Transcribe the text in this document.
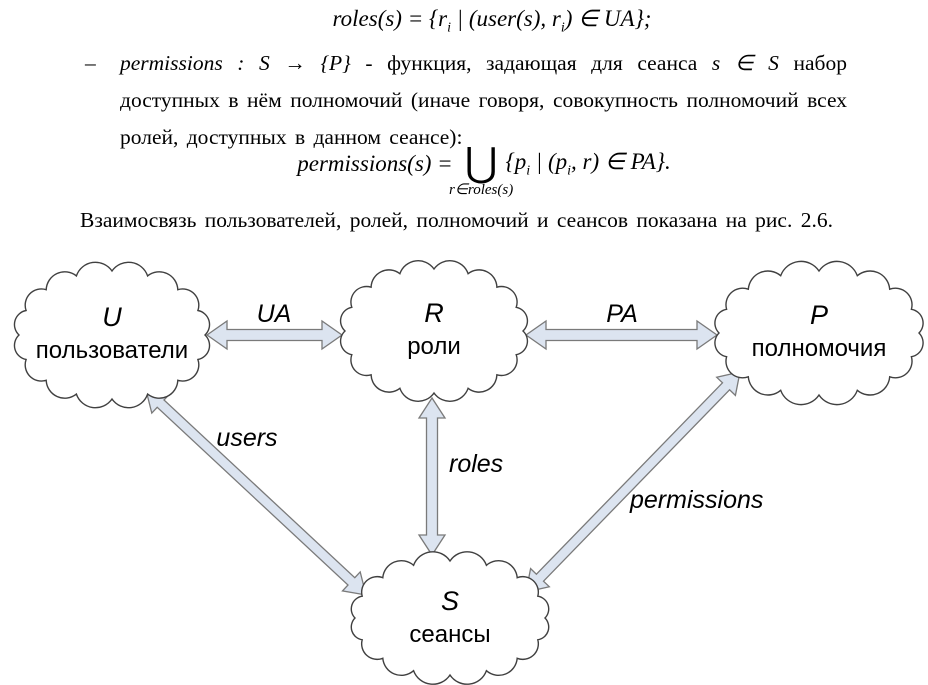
roles(s) = {$r_i$ | (user(s), $r_i$) ∈ UA};
– permissions : S → {P} - функция, задающая для сеанса s ∈ S набор доступных в нём полномочий (иначе говоря, совокупность полномочий всех ролей, доступных в данном сеансе):
permissions(s) = ⋃
r∈roles(s)
{$p_i$ | ($p_i$, r) ∈ PA}.

Взаимосвязь пользователей, ролей, полномочий и сеансов показана на рис. 2.6.

U
пользователи
R
роли
P
полномочия
S
сеансы
UA	PA
users
roles
permissions
